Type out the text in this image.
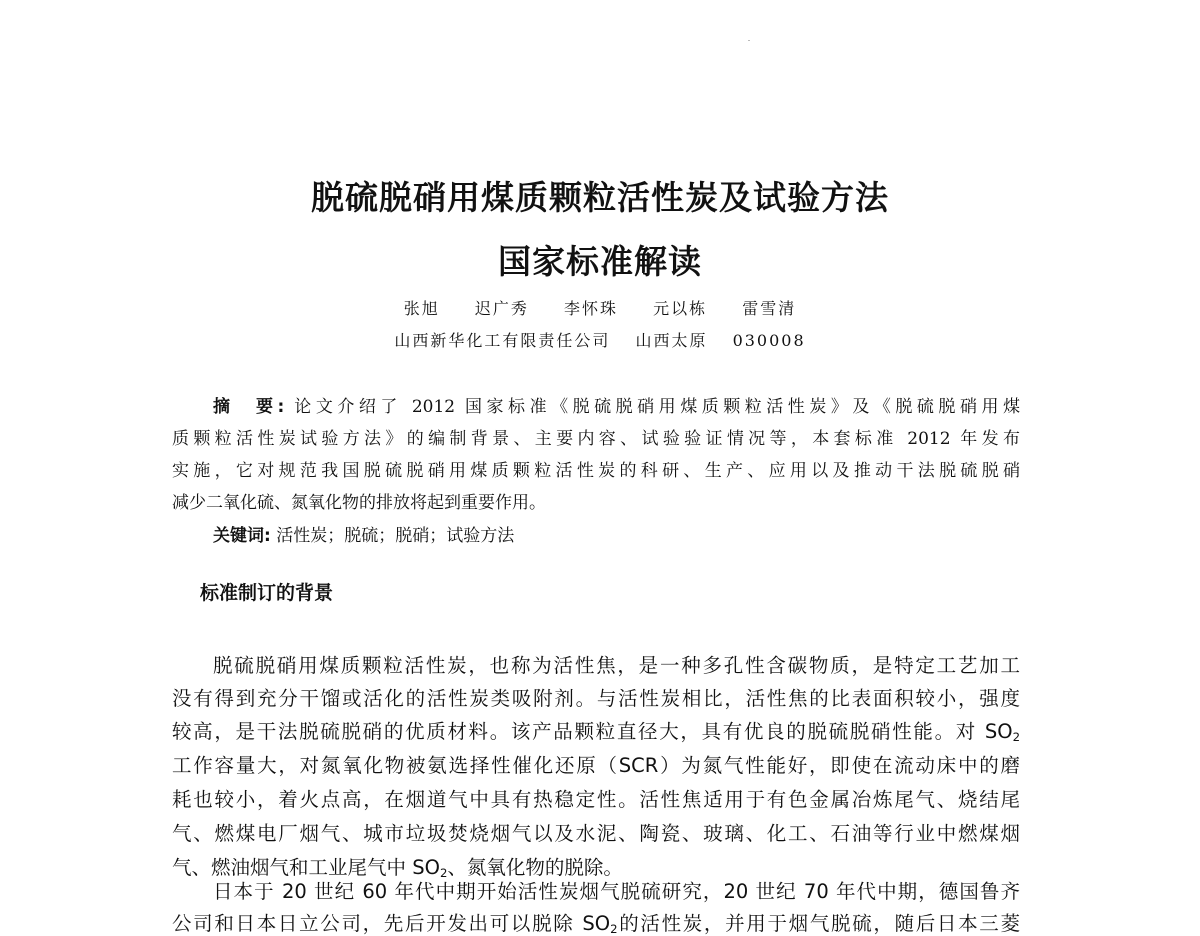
脱硫脱硝用煤质颗粒活性炭及试验方法
国家标准解读
张旭   迟广秀   李怀珠   元以栋   雷雪清
山西新华化工有限责任公司  山西太原  030008
摘　要: 论文介绍了 2012 国家标准《脱硫脱硝用煤质颗粒活性炭》及《脱硫脱硝用煤
质颗粒活性炭试验方法》的编制背景、主要内容、试验验证情况等，本套标准 2012 年发布
实施，它对规范我国脱硫脱硝用煤质颗粒活性炭的科研、生产、应用以及推动干法脱硫脱硝
减少二氧化硫、氮氧化物的排放将起到重要作用。
关键词: 活性炭；脱硫；脱硝；试验方法
标准制订的背景
脱硫脱硝用煤质颗粒活性炭，也称为活性焦，是一种多孔性含碳物质，是特定工艺加工
没有得到充分干馏或活化的活性炭类吸附剂。与活性炭相比，活性焦的比表面积较小，强度
较高，是干法脱硫脱硝的优质材料。该产品颗粒直径大，具有优良的脱硫脱硝性能。对 $SO_2$
工作容量大，对氮氧化物被氨选择性催化还原（SCR）为氮气性能好，即使在流动床中的磨
耗也较小，着火点高，在烟道气中具有热稳定性。活性焦适用于有色金属冶炼尾气、烧结尾
气、燃煤电厂烟气、城市垃圾焚烧烟气以及水泥、陶瓷、玻璃、化工、石油等行业中燃煤烟
气、燃油烟气和工业尾气中 $SO_2$、氮氧化物的脱除。
日本于 20 世纪 60 年代中期开始活性炭烟气脱硫研究，20 世纪 70 年代中期，德国鲁齐
公司和日本日立公司，先后开发出可以脱除 $SO_2$的活性炭，并用于烟气脱硫，随后日本三菱
